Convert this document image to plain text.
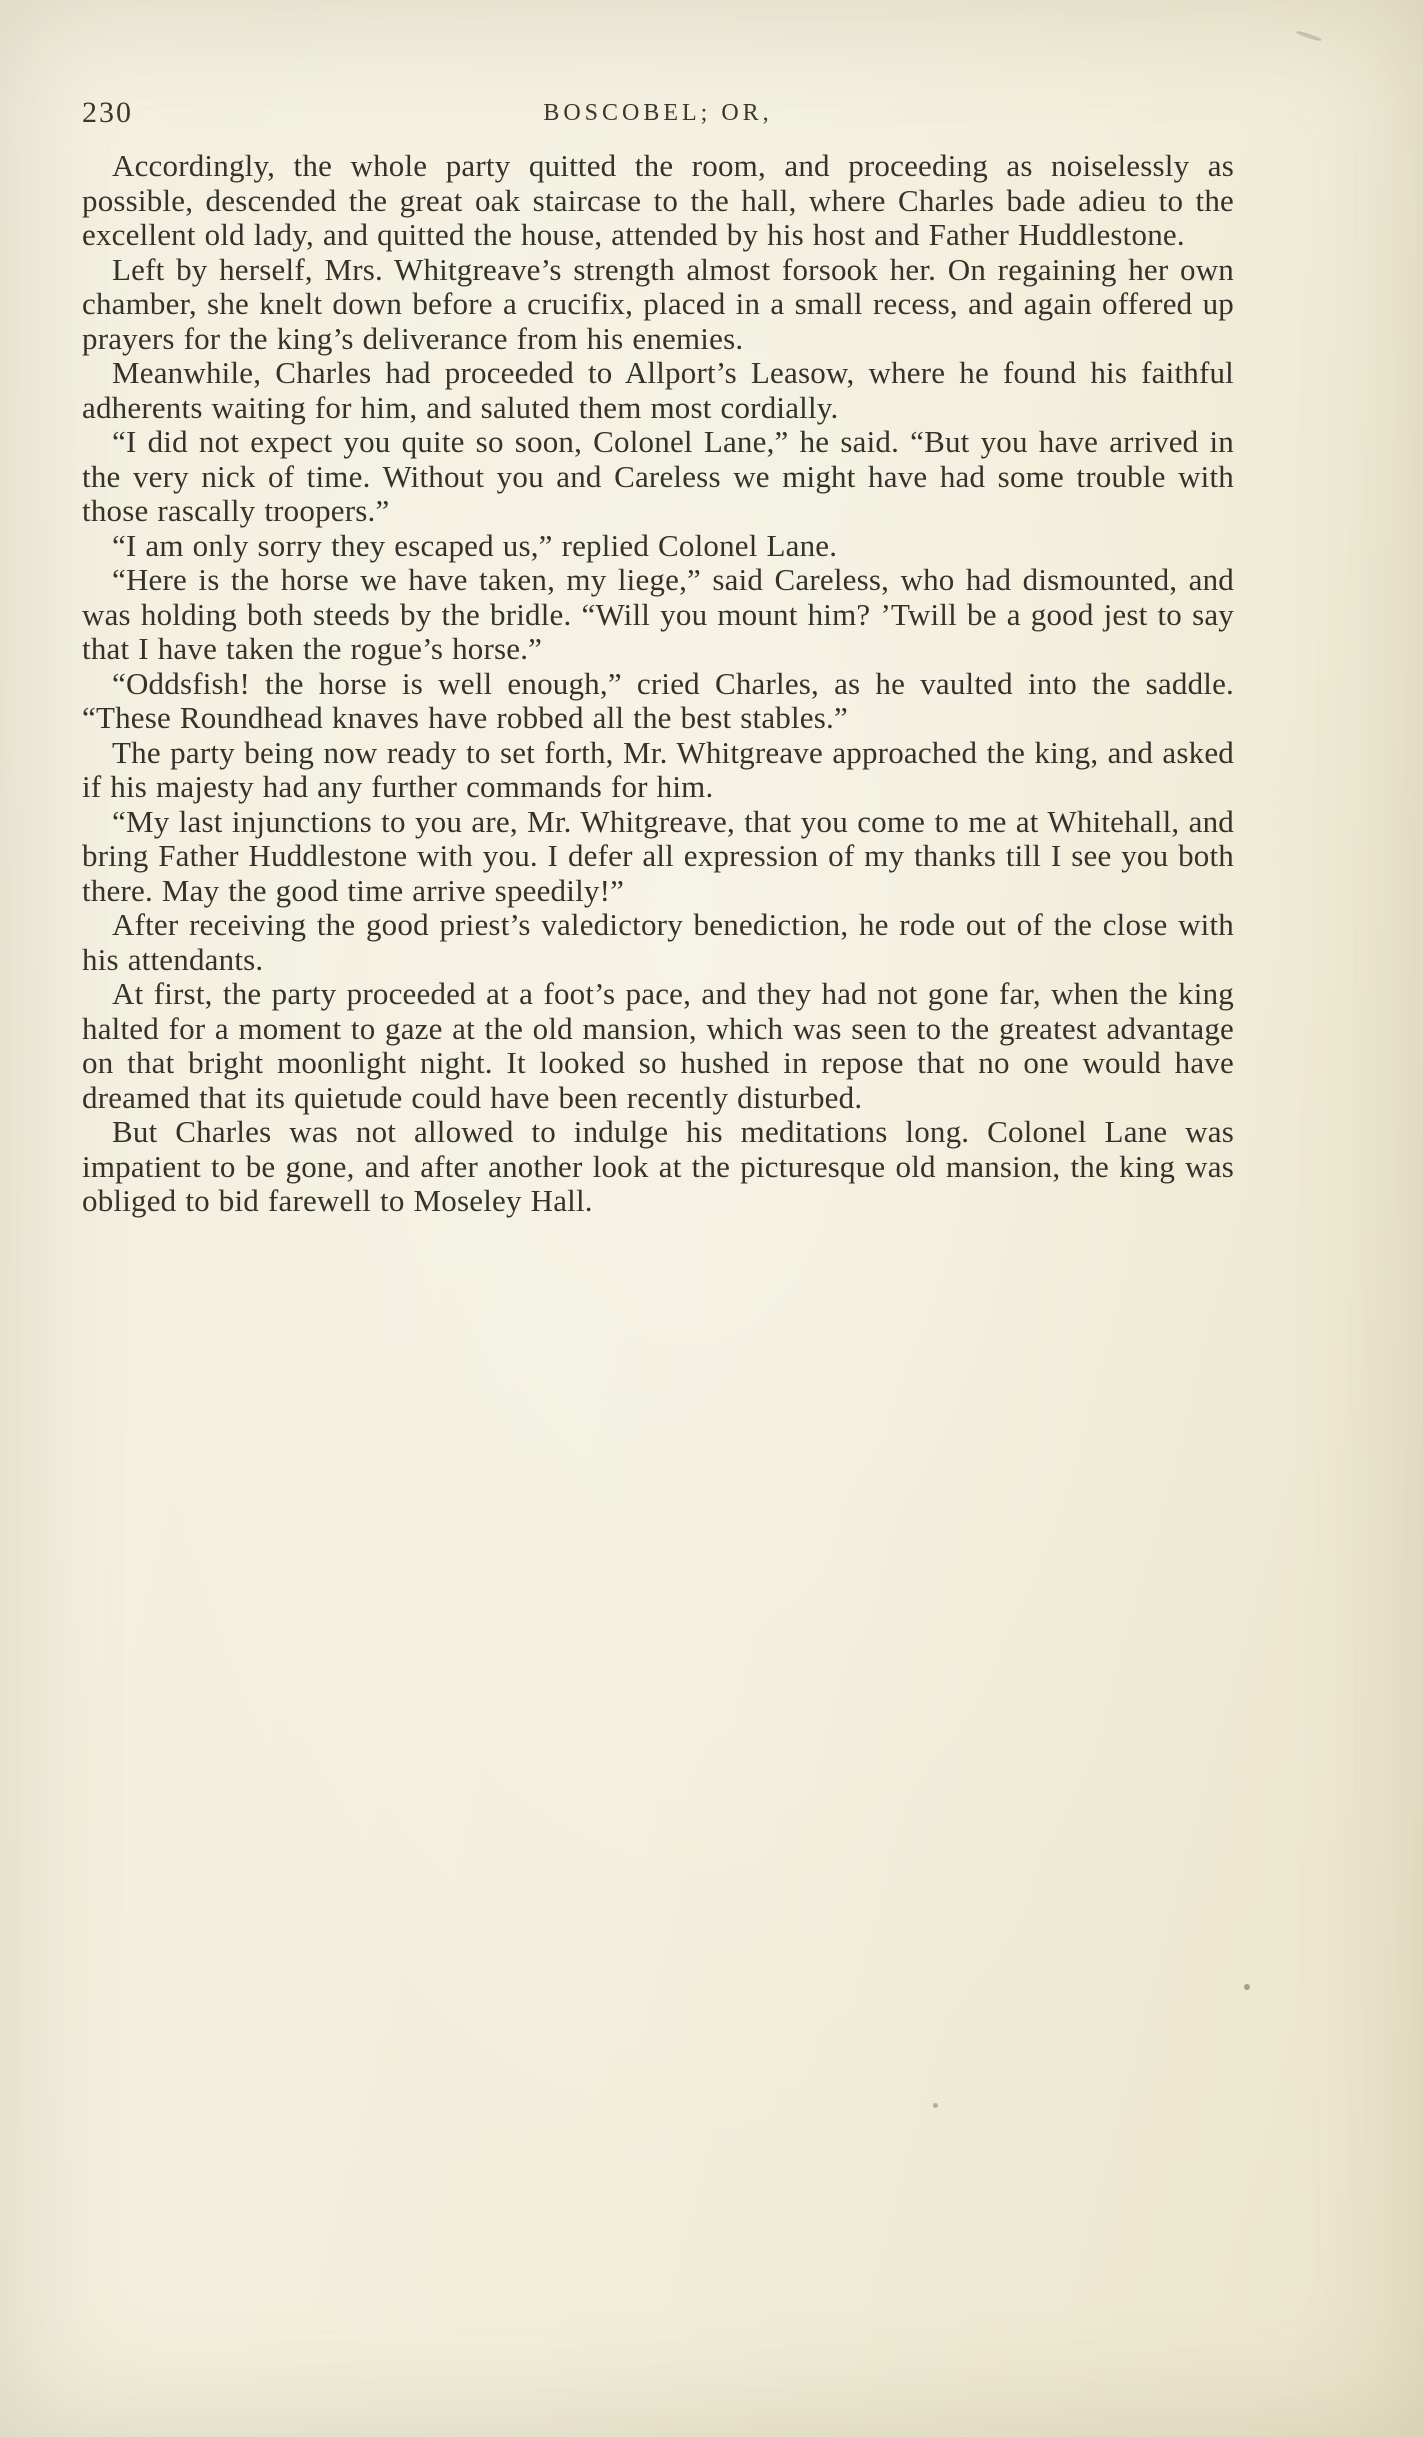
230	BOSCOBEL; OR,

Accordingly, the whole party quitted the room, and proceeding as noiselessly as possible, descended the great oak staircase to the hall, where Charles bade adieu to the excellent old lady, and quitted the house, attended by his host and Father Huddlestone.

Left by herself, Mrs. Whitgreave’s strength almost forsook her. On regaining her own chamber, she knelt down before a crucifix, placed in a small recess, and again offered up prayers for the king’s deliverance from his enemies.

Meanwhile, Charles had proceeded to Allport’s Leasow, where he found his faithful adherents waiting for him, and saluted them most cordially.

“I did not expect you quite so soon, Colonel Lane,” he said. “But you have arrived in the very nick of time. Without you and Careless we might have had some trouble with those rascally troopers.”

“I am only sorry they escaped us,” replied Colonel Lane.

“Here is the horse we have taken, my liege,” said Careless, who had dismounted, and was holding both steeds by the bridle. “Will you mount him? ’Twill be a good jest to say that I have taken the rogue’s horse.”

“Oddsfish! the horse is well enough,” cried Charles, as he vaulted into the saddle. “These Roundhead knaves have robbed all the best stables.”

The party being now ready to set forth, Mr. Whitgreave approached the king, and asked if his majesty had any further commands for him.

“My last injunctions to you are, Mr. Whitgreave, that you come to me at Whitehall, and bring Father Huddlestone with you. I defer all expression of my thanks till I see you both there. May the good time arrive speedily!”

After receiving the good priest’s valedictory benediction, he rode out of the close with his attendants.

At first, the party proceeded at a foot’s pace, and they had not gone far, when the king halted for a moment to gaze at the old mansion, which was seen to the greatest advantage on that bright moonlight night. It looked so hushed in repose that no one would have dreamed that its quietude could have been recently disturbed.

But Charles was not allowed to indulge his meditations long. Colonel Lane was impatient to be gone, and after another look at the picturesque old mansion, the king was obliged to bid farewell to Moseley Hall.
